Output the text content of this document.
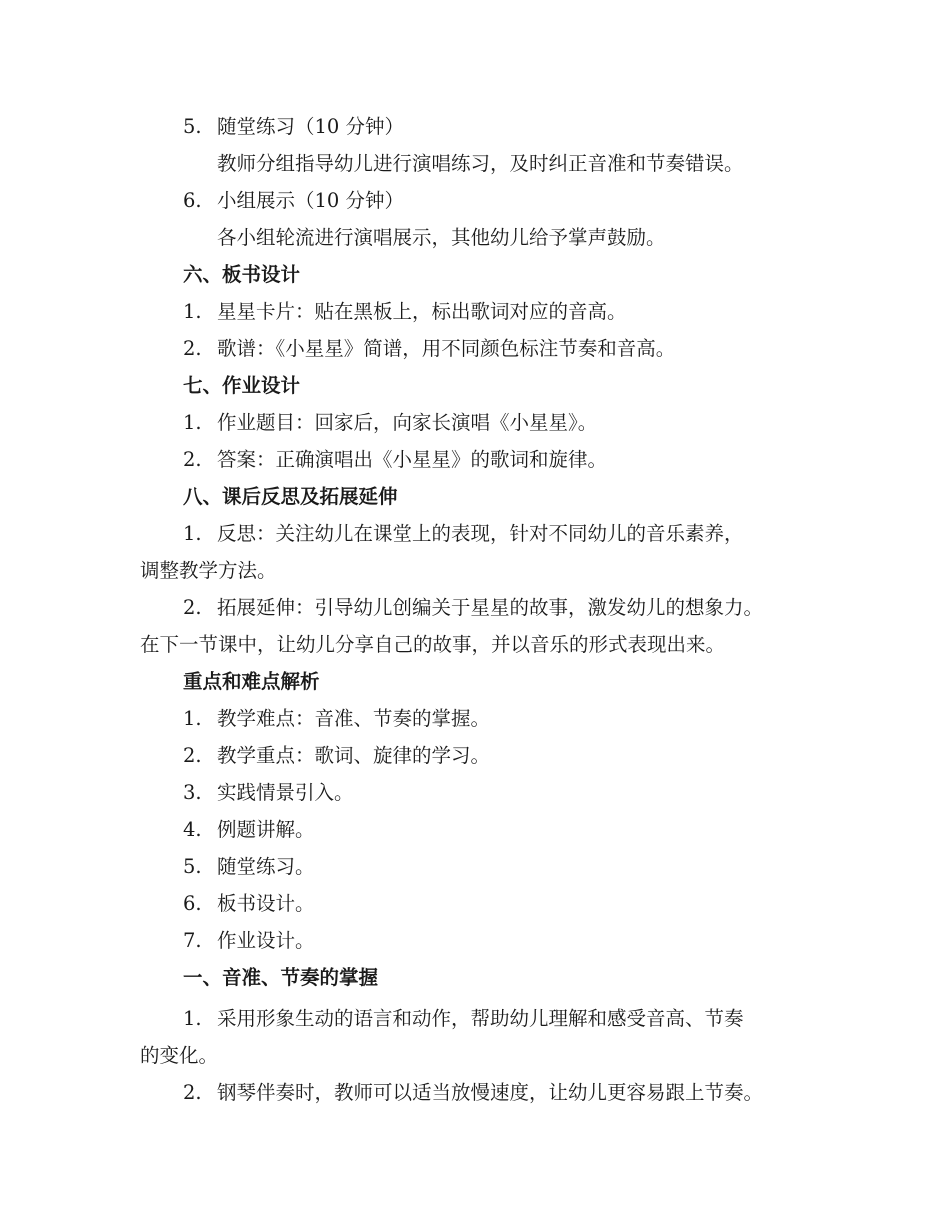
5. 随堂练习（10 分钟）
教师分组指导幼儿进行演唱练习，及时纠正音准和节奏错误。
6. 小组展示（10 分钟）
各小组轮流进行演唱展示，其他幼儿给予掌声鼓励。
六、板书设计
1. 星星卡片：贴在黑板上，标出歌词对应的音高。
2. 歌谱：《小星星》简谱，用不同颜色标注节奏和音高。
七、作业设计
1. 作业题目：回家后，向家长演唱《小星星》。
2. 答案：正确演唱出《小星星》的歌词和旋律。
八、课后反思及拓展延伸
1. 反思：关注幼儿在课堂上的表现，针对不同幼儿的音乐素养，
调整教学方法。
2. 拓展延伸：引导幼儿创编关于星星的故事，激发幼儿的想象力。
在下一节课中，让幼儿分享自己的故事，并以音乐的形式表现出来。
重点和难点解析
1. 教学难点：音准、节奏的掌握。
2. 教学重点：歌词、旋律的学习。
3. 实践情景引入。
4. 例题讲解。
5. 随堂练习。
6. 板书设计。
7. 作业设计。
一、音准、节奏的掌握
1. 采用形象生动的语言和动作，帮助幼儿理解和感受音高、节奏
的变化。
2. 钢琴伴奏时，教师可以适当放慢速度，让幼儿更容易跟上节奏。
